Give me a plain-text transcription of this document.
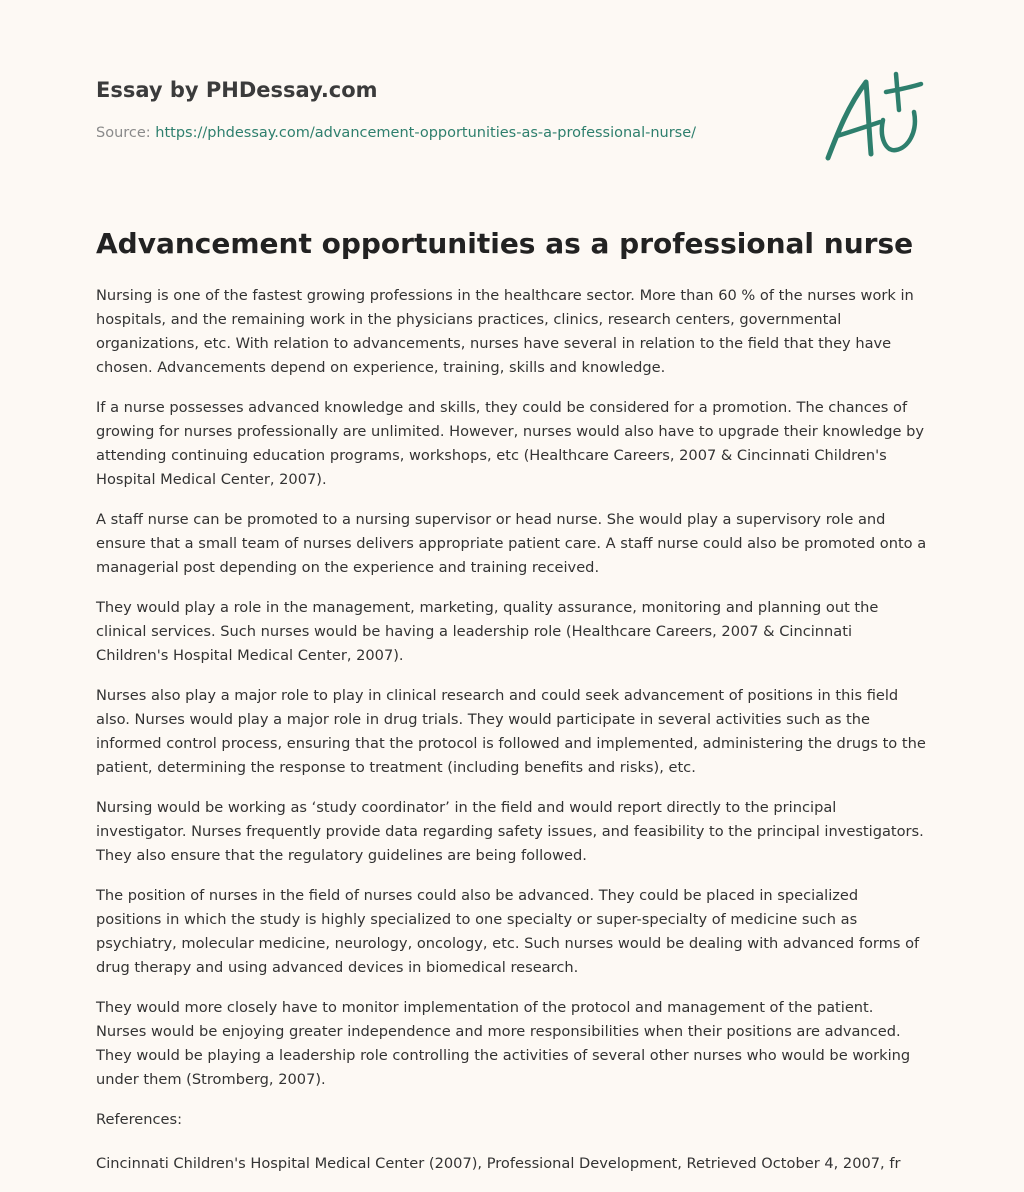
Essay by PHDessay.com
Source: https://phdessay.com/advancement-opportunities-as-a-professional-nurse/
Advancement opportunities as a professional nurse

Nursing is one of the fastest growing professions in the healthcare sector. More than 60 % of the nurses work in hospitals, and the remaining work in the physicians practices, clinics, research centers, governmental organizations, etc. With relation to advancements, nurses have several in relation to the field that they have chosen. Advancements depend on experience, training, skills and knowledge.

If a nurse possesses advanced knowledge and skills, they could be considered for a promotion. The chances of growing for nurses professionally are unlimited. However, nurses would also have to upgrade their knowledge by attending continuing education programs, workshops, etc (Healthcare Careers, 2007 & Cincinnati Children's Hospital Medical Center, 2007).

A staff nurse can be promoted to a nursing supervisor or head nurse. She would play a supervisory role and ensure that a small team of nurses delivers appropriate patient care. A staff nurse could also be promoted onto a managerial post depending on the experience and training received.

They would play a role in the management, marketing, quality assurance, monitoring and planning out the clinical services. Such nurses would be having a leadership role (Healthcare Careers, 2007 & Cincinnati Children's Hospital Medical Center, 2007).

Nurses also play a major role to play in clinical research and could seek advancement of positions in this field also. Nurses would play a major role in drug trials. They would participate in several activities such as the informed control process, ensuring that the protocol is followed and implemented, administering the drugs to the patient, determining the response to treatment (including benefits and risks), etc.

Nursing would be working as ‘study coordinator’ in the field and would report directly to the principal investigator. Nurses frequently provide data regarding safety issues, and feasibility to the principal investigators. They also ensure that the regulatory guidelines are being followed.

The position of nurses in the field of nurses could also be advanced. They could be placed in specialized positions in which the study is highly specialized to one specialty or super-specialty of medicine such as psychiatry, molecular medicine, neurology, oncology, etc. Such nurses would be dealing with advanced forms of drug therapy and using advanced devices in biomedical research.

They would more closely have to monitor implementation of the protocol and management of the patient. Nurses would be enjoying greater independence and more responsibilities when their positions are advanced. They would be playing a leadership role controlling the activities of several other nurses who would be working under them (Stromberg, 2007).

References:

Cincinnati Children's Hospital Medical Center (2007), Professional Development, Retrieved October 4, 2007, fr
